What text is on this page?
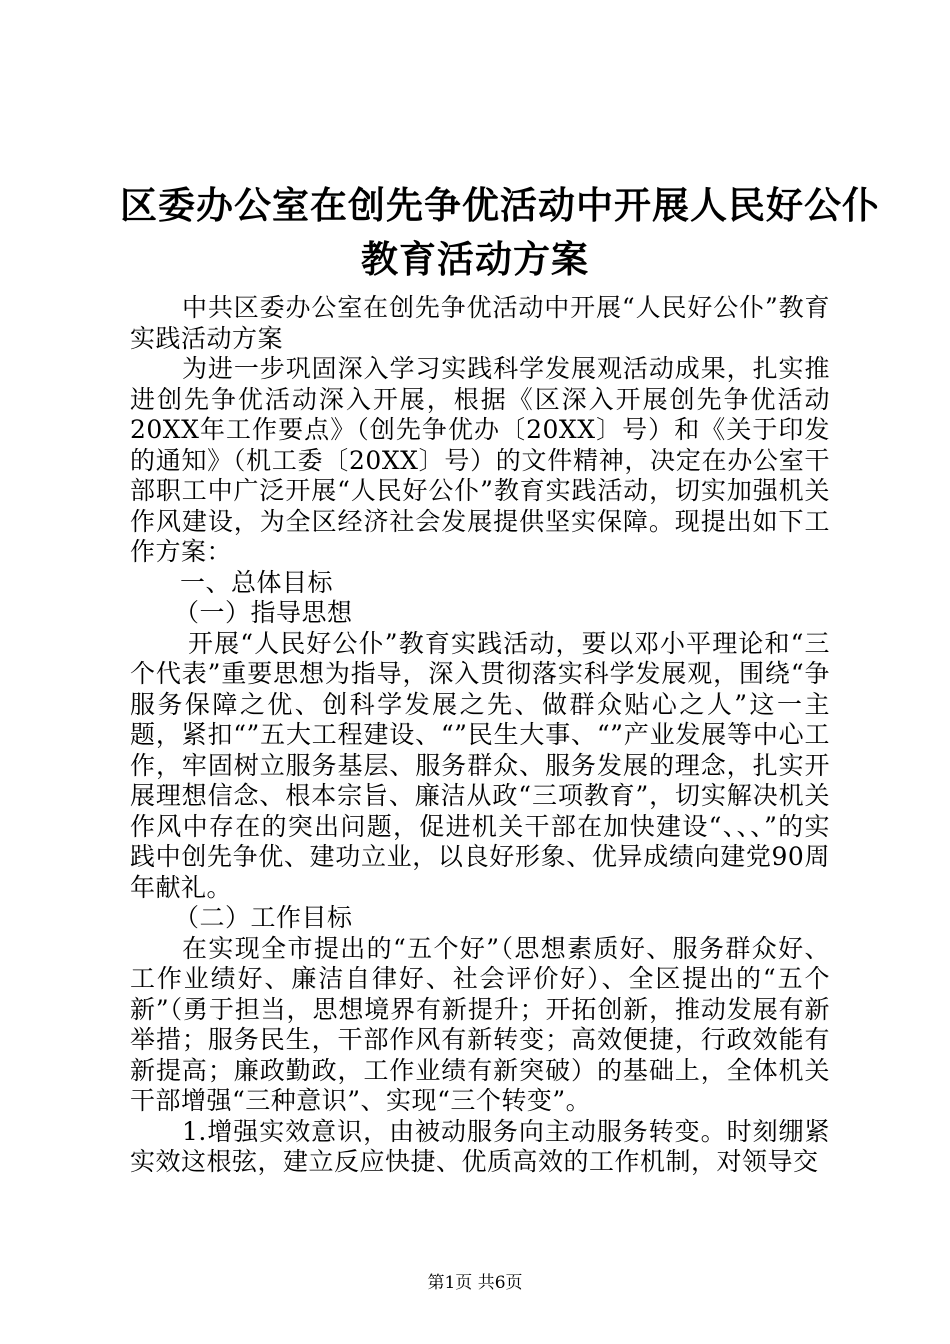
区委办公室在创先争优活动中开展人民好公仆
教育活动方案

中共区委办公室在创先争优活动中开展“人民好公仆”教育实践活动方案

为进一步巩固深入学习实践科学发展观活动成果，扎实推进创先争优活动深入开展，根据《区深入开展创先争优活动20XX年工作要点》（创先争优办〔20XX〕号）和《关于印发的通知》（机工委〔20XX〕号）的文件精神，决定在办公室干部职工中广泛开展“人民好公仆”教育实践活动，切实加强机关作风建设，为全区经济社会发展提供坚实保障。现提出如下工作方案：

一、总体目标

（一）指导思想

开展“人民好公仆”教育实践活动，要以邓小平理论和“三个代表”重要思想为指导，深入贯彻落实科学发展观，围绕“争服务保障之优、创科学发展之先、做群众贴心之人”这一主题，紧扣“”五大工程建设、“”民生大事、“”产业发展等中心工作，牢固树立服务基层、服务群众、服务发展的理念，扎实开展理想信念、根本宗旨、廉洁从政“三项教育”，切实解决机关作风中存在的突出问题，促进机关干部在加快建设“、、、”的实践中创先争优、建功立业，以良好形象、优异成绩向建党90周年献礼。

（二）工作目标

在实现全市提出的“五个好”（思想素质好、服务群众好、工作业绩好、廉洁自律好、社会评价好）、全区提出的“五个新”（勇于担当，思想境界有新提升；开拓创新，推动发展有新举措；服务民生，干部作风有新转变；高效便捷，行政效能有新提高；廉政勤政，工作业绩有新突破）的基础上，全体机关干部增强“三种意识”、实现“三个转变”。

1.增强实效意识，由被动服务向主动服务转变。时刻绷紧实效这根弦，建立反应快捷、优质高效的工作机制，对领导交

第1页 共6页
